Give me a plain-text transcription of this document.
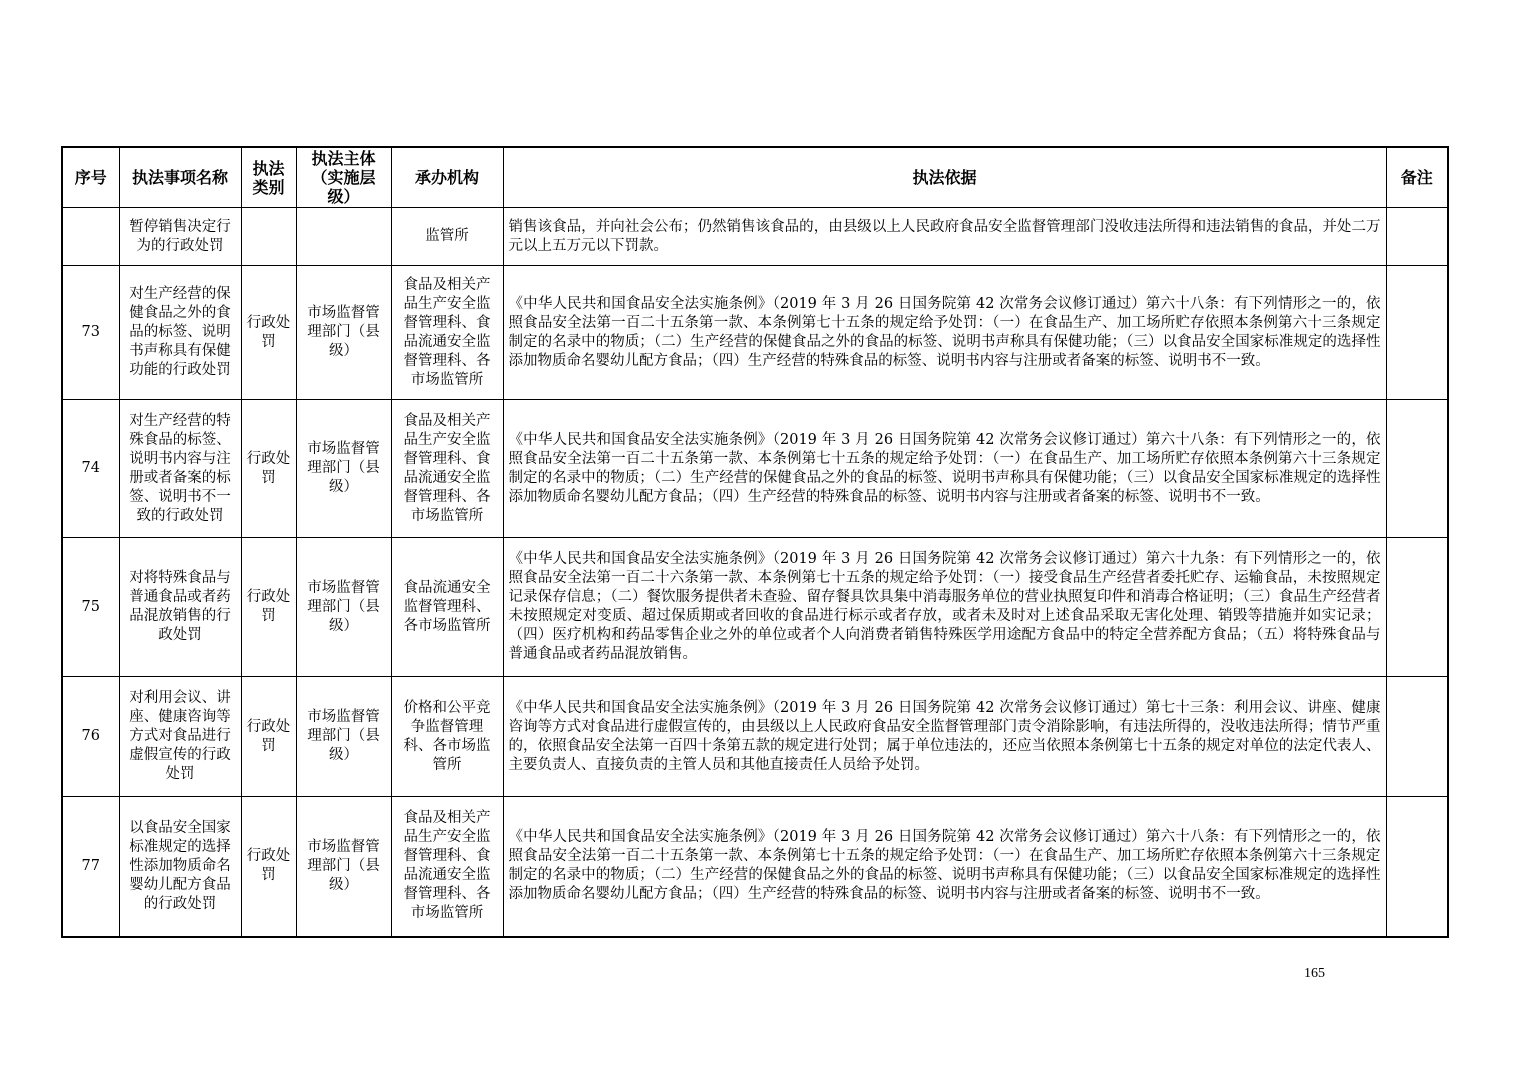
序号	执法事项名称	执法类别	执法主体（实施层级）	承办机构	执法依据	备注
	暂停销售决定行为的行政处罚			监管所	销售该食品，并向社会公布；仍然销售该食品的，由县级以上人民政府食品安全监督管理部门没收违法所得和违法销售的食品，并处二万元以上五万元以下罚款。	
73	对生产经营的保健食品之外的食品的标签、说明书声称具有保健功能的行政处罚	行政处罚	市场监督管理部门（县级）	食品及相关产品生产安全监督管理科、食品流通安全监督管理科、各市场监管所	《中华人民共和国食品安全法实施条例》（2019 年 3 月 26 日国务院第 42 次常务会议修订通过）第六十八条：有下列情形之一的，依照食品安全法第一百二十五条第一款、本条例第七十五条的规定给予处罚：（一）在食品生产、加工场所贮存依照本条例第六十三条规定制定的名录中的物质；（二）生产经营的保健食品之外的食品的标签、说明书声称具有保健功能；（三）以食品安全国家标准规定的选择性添加物质命名婴幼儿配方食品；（四）生产经营的特殊食品的标签、说明书内容与注册或者备案的标签、说明书不一致。	
74	对生产经营的特殊食品的标签、说明书内容与注册或者备案的标签、说明书不一致的行政处罚	行政处罚	市场监督管理部门（县级）	食品及相关产品生产安全监督管理科、食品流通安全监督管理科、各市场监管所	《中华人民共和国食品安全法实施条例》（2019 年 3 月 26 日国务院第 42 次常务会议修订通过）第六十八条：有下列情形之一的，依照食品安全法第一百二十五条第一款、本条例第七十五条的规定给予处罚：（一）在食品生产、加工场所贮存依照本条例第六十三条规定制定的名录中的物质；（二）生产经营的保健食品之外的食品的标签、说明书声称具有保健功能；（三）以食品安全国家标准规定的选择性添加物质命名婴幼儿配方食品；（四）生产经营的特殊食品的标签、说明书内容与注册或者备案的标签、说明书不一致。	
75	对将特殊食品与普通食品或者药品混放销售的行政处罚	行政处罚	市场监督管理部门（县级）	食品流通安全监督管理科、各市场监管所	《中华人民共和国食品安全法实施条例》（2019 年 3 月 26 日国务院第 42 次常务会议修订通过）第六十九条：有下列情形之一的，依照食品安全法第一百二十六条第一款、本条例第七十五条的规定给予处罚：（一）接受食品生产经营者委托贮存、运输食品，未按照规定记录保存信息；（二）餐饮服务提供者未查验、留存餐具饮具集中消毒服务单位的营业执照复印件和消毒合格证明；（三）食品生产经营者未按照规定对变质、超过保质期或者回收的食品进行标示或者存放，或者未及时对上述食品采取无害化处理、销毁等措施并如实记录；（四）医疗机构和药品零售企业之外的单位或者个人向消费者销售特殊医学用途配方食品中的特定全营养配方食品；（五）将特殊食品与普通食品或者药品混放销售。	
76	对利用会议、讲座、健康咨询等方式对食品进行虚假宣传的行政处罚	行政处罚	市场监督管理部门（县级）	价格和公平竞争监督管理科、各市场监管所	《中华人民共和国食品安全法实施条例》（2019 年 3 月 26 日国务院第 42 次常务会议修订通过）第七十三条：利用会议、讲座、健康咨询等方式对食品进行虚假宣传的，由县级以上人民政府食品安全监督管理部门责令消除影响，有违法所得的，没收违法所得；情节严重的，依照食品安全法第一百四十条第五款的规定进行处罚；属于单位违法的，还应当依照本条例第七十五条的规定对单位的法定代表人、主要负责人、直接负责的主管人员和其他直接责任人员给予处罚。	
77	以食品安全国家标准规定的选择性添加物质命名婴幼儿配方食品的行政处罚	行政处罚	市场监督管理部门（县级）	食品及相关产品生产安全监督管理科、食品流通安全监督管理科、各市场监管所	《中华人民共和国食品安全法实施条例》（2019 年 3 月 26 日国务院第 42 次常务会议修订通过）第六十八条：有下列情形之一的，依照食品安全法第一百二十五条第一款、本条例第七十五条的规定给予处罚：（一）在食品生产、加工场所贮存依照本条例第六十三条规定制定的名录中的物质；（二）生产经营的保健食品之外的食品的标签、说明书声称具有保健功能；（三）以食品安全国家标准规定的选择性添加物质命名婴幼儿配方食品；（四）生产经营的特殊食品的标签、说明书内容与注册或者备案的标签、说明书不一致。	
165
